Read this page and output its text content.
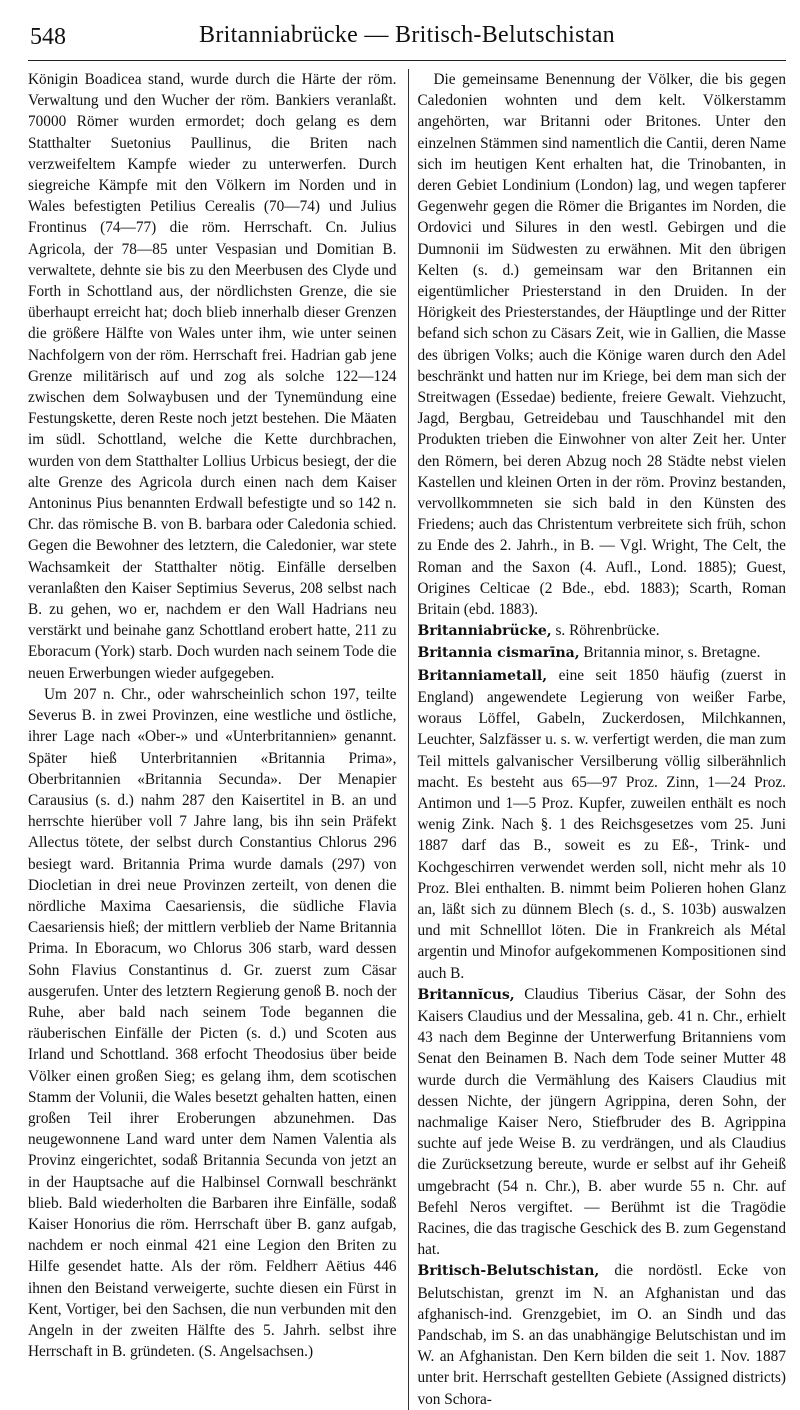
548	Britanniabrücke — Britisch-Belutschistan

Königin Boadicea stand, wurde durch die Härte der röm. Verwaltung und den Wucher der röm. Bankiers veranlaßt. 70000 Römer wurden ermordet; doch gelang es dem Statthalter Suetonius Paullinus, die Briten nach verzweifeltem Kampfe wieder zu unterwerfen. Durch siegreiche Kämpfe mit den Völkern im Norden und in Wales befestigten Petilius Cerealis (70—74) und Julius Frontinus (74—77) die röm. Herrschaft. Cn. Julius Agricola, der 78—85 unter Vespasian und Domitian B. verwaltete, dehnte sie bis zu den Meerbusen des Clyde und Forth in Schottland aus, der nördlichsten Grenze, die sie überhaupt erreicht hat; doch blieb innerhalb dieser Grenzen die größere Hälfte von Wales unter ihm, wie unter seinen Nachfolgern von der röm. Herrschaft frei. Hadrian gab jene Grenze militärisch auf und zog als solche 122—124 zwischen dem Solwaybusen und der Tynemündung eine Festungskette, deren Reste noch jetzt bestehen. Die Mäaten im südl. Schottland, welche die Kette durchbrachen, wurden von dem Statthalter Lollius Urbicus besiegt, der die alte Grenze des Agricola durch einen nach dem Kaiser Antoninus Pius benannten Erdwall befestigte und so 142 n. Chr. das römische B. von B. barbara oder Caledonia schied. Gegen die Bewohner des letztern, die Caledonier, war stete Wachsamkeit der Statthalter nötig. Einfälle derselben veranlaßten den Kaiser Septimius Severus, 208 selbst nach B. zu gehen, wo er, nachdem er den Wall Hadrians neu verstärkt und beinahe ganz Schottland erobert hatte, 211 zu Eboracum (York) starb. Doch wurden nach seinem Tode die neuen Erwerbungen wieder aufgegeben.

Um 207 n. Chr., oder wahrscheinlich schon 197, teilte Severus B. in zwei Provinzen, eine westliche und östliche, ihrer Lage nach «Ober-» und «Unterbritannien» genannt. Später hieß Unterbritannien «Britannia Prima», Oberbritannien «Britannia Secunda». Der Menapier Carausius (s. d.) nahm 287 den Kaisertitel in B. an und herrschte hierüber voll 7 Jahre lang, bis ihn sein Präfekt Allectus tötete, der selbst durch Constantius Chlorus 296 besiegt ward. Britannia Prima wurde damals (297) von Diocletian in drei neue Provinzen zerteilt, von denen die nördliche Maxima Caesariensis, die südliche Flavia Caesariensis hieß; der mittlern verblieb der Name Britannia Prima. In Eboracum, wo Chlorus 306 starb, ward dessen Sohn Flavius Constantinus d. Gr. zuerst zum Cäsar ausgerufen. Unter des letztern Regierung genoß B. noch der Ruhe, aber bald nach seinem Tode begannen die räuberischen Einfälle der Picten (s. d.) und Scoten aus Irland und Schottland. 368 erfocht Theodosius über beide Völker einen großen Sieg; es gelang ihm, dem scotischen Stamm der Volunii, die Wales besetzt gehalten hatten, einen großen Teil ihrer Eroberungen abzunehmen. Das neugewonnene Land ward unter dem Namen Valentia als Provinz eingerichtet, sodaß Britannia Secunda von jetzt an in der Hauptsache auf die Halbinsel Cornwall beschränkt blieb. Bald wiederholten die Barbaren ihre Einfälle, sodaß Kaiser Honorius die röm. Herrschaft über B. ganz aufgab, nachdem er noch einmal 421 eine Legion den Briten zu Hilfe gesendet hatte. Als der röm. Feldherr Aëtius 446 ihnen den Beistand verweigerte, suchte diesen ein Fürst in Kent, Vortiger, bei den Sachsen, die nun verbunden mit den Angeln in der zweiten Hälfte des 5. Jahrh. selbst ihre Herrschaft in B. gründeten. (S. Angelsachsen.)

Die gemeinsame Benennung der Völker, die bis gegen Caledonien wohnten und dem kelt. Völkerstamm angehörten, war Britanni oder Britones. Unter den einzelnen Stämmen sind namentlich die Cantii, deren Name sich im heutigen Kent erhalten hat, die Trinobanten, in deren Gebiet Londinium (London) lag, und wegen tapferer Gegenwehr gegen die Römer die Brigantes im Norden, die Ordovici und Silures in den westl. Gebirgen und die Dumnonii im Südwesten zu erwähnen. Mit den übrigen Kelten (s. d.) gemeinsam war den Britannen ein eigentümlicher Priesterstand in den Druiden. In der Hörigkeit des Priesterstandes, der Häuptlinge und der Ritter befand sich schon zu Cäsars Zeit, wie in Gallien, die Masse des übrigen Volks; auch die Könige waren durch den Adel beschränkt und hatten nur im Kriege, bei dem man sich der Streitwagen (Essedae) bediente, freiere Gewalt. Viehzucht, Jagd, Bergbau, Getreidebau und Tauschhandel mit den Produkten trieben die Einwohner von alter Zeit her. Unter den Römern, bei deren Abzug noch 28 Städte nebst vielen Kastellen und kleinen Orten in der röm. Provinz bestanden, vervollkommneten sie sich bald in den Künsten des Friedens; auch das Christentum verbreitete sich früh, schon zu Ende des 2. Jahrh., in B. — Vgl. Wright, The Celt, the Roman and the Saxon (4. Aufl., Lond. 1885); Guest, Origines Celticae (2 Bde., ebd. 1883); Scarth, Roman Britain (ebd. 1883).

Britanniabrücke, s. Röhrenbrücke.

Britannia cismarīna, Britannia minor, s. Bretagne.

Britanniametall, eine seit 1850 häufig (zuerst in England) angewendete Legierung von weißer Farbe, woraus Löffel, Gabeln, Zuckerdosen, Milchkannen, Leuchter, Salzfässer u. s. w. verfertigt werden, die man zum Teil mittels galvanischer Versilberung völlig silberähnlich macht. Es besteht aus 65—97 Proz. Zinn, 1—24 Proz. Antimon und 1—5 Proz. Kupfer, zuweilen enthält es noch wenig Zink. Nach §. 1 des Reichsgesetzes vom 25. Juni 1887 darf das B., soweit es zu Eß-, Trink- und Kochgeschirren verwendet werden soll, nicht mehr als 10 Proz. Blei enthalten. B. nimmt beim Polieren hohen Glanz an, läßt sich zu dünnem Blech (s. d., S. 103b) auswalzen und mit Schnelllot löten. Die in Frankreich als Métal argentin und Minofor aufgekommenen Kompositionen sind auch B.

Britannĭcus, Claudius Tiberius Cäsar, der Sohn des Kaisers Claudius und der Messalina, geb. 41 n. Chr., erhielt 43 nach dem Beginne der Unterwerfung Britanniens vom Senat den Beinamen B. Nach dem Tode seiner Mutter 48 wurde durch die Vermählung des Kaisers Claudius mit dessen Nichte, der jüngern Agrippina, deren Sohn, der nachmalige Kaiser Nero, Stiefbruder des B. Agrippina suchte auf jede Weise B. zu verdrängen, und als Claudius die Zurücksetzung bereute, wurde er selbst auf ihr Geheiß umgebracht (54 n. Chr.), B. aber wurde 55 n. Chr. auf Befehl Neros vergiftet. — Berühmt ist die Tragödie Racines, die das tragische Geschick des B. zum Gegenstand hat.

Britisch-Belutschistan, die nordöstl. Ecke von Belutschistan, grenzt im N. an Afghanistan und das afghanisch-ind. Grenzgebiet, im O. an Sindh und das Pandschab, im S. an das unabhängige Belutschistan und im W. an Afghanistan. Den Kern bilden die seit 1. Nov. 1887 unter brit. Herrschaft gestellten Gebiete (Assigned districts) von Schora-
